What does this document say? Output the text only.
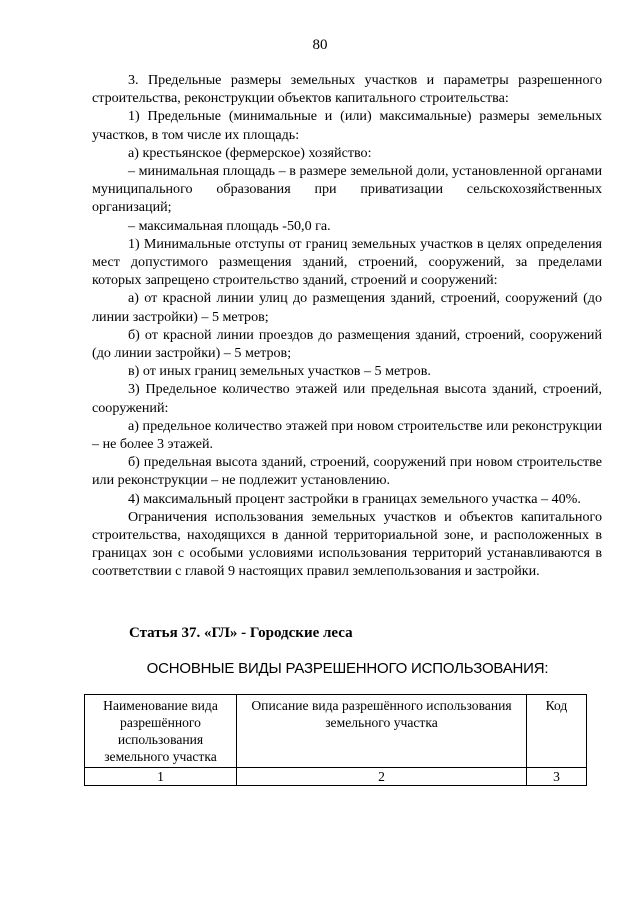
80

3. Предельные размеры земельных участков и параметры разрешенного строительства, реконструкции объектов капитального строительства:

1) Предельные (минимальные и (или) максимальные) размеры земельных участков, в том числе их площадь:

а) крестьянское (фермерское) хозяйство:

– минимальная площадь – в размере земельной доли, установленной органами муниципального образования при приватизации сельскохозяйственных организаций;

– максимальная площадь -50,0 га.

1) Минимальные отступы от границ земельных участков в целях определения мест допустимого размещения зданий, строений, сооружений, за пределами которых запрещено строительство зданий, строений и сооружений:

а) от красной линии улиц до размещения зданий, строений, сооружений (до линии застройки) – 5 метров;

б) от красной линии проездов до размещения зданий, строений, сооружений (до линии застройки) – 5 метров;

в) от иных границ земельных участков – 5 метров.

3) Предельное количество этажей или предельная высота зданий, строений, сооружений:

а) предельное количество этажей при новом строительстве или реконструкции – не более 3 этажей.

б) предельная высота зданий, строений, сооружений при новом строительстве или реконструкции – не подлежит установлению.

4) максимальный процент застройки в границах земельного участка – 40%.

Ограничения использования земельных участков и объектов капитального строительства, находящихся в данной территориальной зоне, и расположенных в границах зон с особыми условиями использования территорий устанавливаются в соответствии с главой 9 настоящих правил землепользования и застройки.

Статья 37. «ГЛ» - Городские леса
ОСНОВНЫЕ ВИДЫ РАЗРЕШЕННОГО ИСПОЛЬЗОВАНИЯ:
Наименование вида разрешённого использования земельного участка	Описание вида разрешённого использования земельного участка	Код
1	2	3
